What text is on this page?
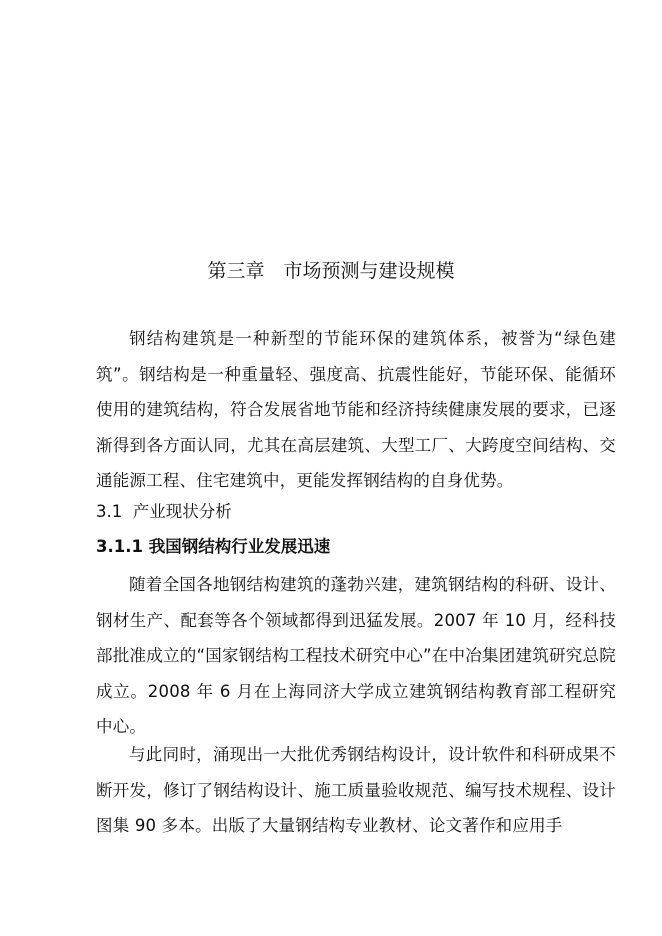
第三章　市场预测与建设规模

钢结构建筑是一种新型的节能环保的建筑体系，被誉为“绿色建筑”。钢结构是一种重量轻、强度高、抗震性能好，节能环保、能循环使用的建筑结构，符合发展省地节能和经济持续健康发展的要求，已逐渐得到各方面认同，尤其在高层建筑、大型工厂、大跨度空间结构、交通能源工程、住宅建筑中，更能发挥钢结构的自身优势。

3.1  产业现状分析
3.1.1 我国钢结构行业发展迅速

随着全国各地钢结构建筑的蓬勃兴建，建筑钢结构的科研、设计、钢材生产、配套等各个领域都得到迅猛发展。2007 年 10 月，经科技部批准成立的“国家钢结构工程技术研究中心”在中冶集团建筑研究总院成立。2008 年 6 月在上海同济大学成立建筑钢结构教育部工程研究中心。

与此同时，涌现出一大批优秀钢结构设计，设计软件和科研成果不断开发，修订了钢结构设计、施工质量验收规范、编写技术规程、设计图集 90 多本。出版了大量钢结构专业教材、论文著作和应用手
